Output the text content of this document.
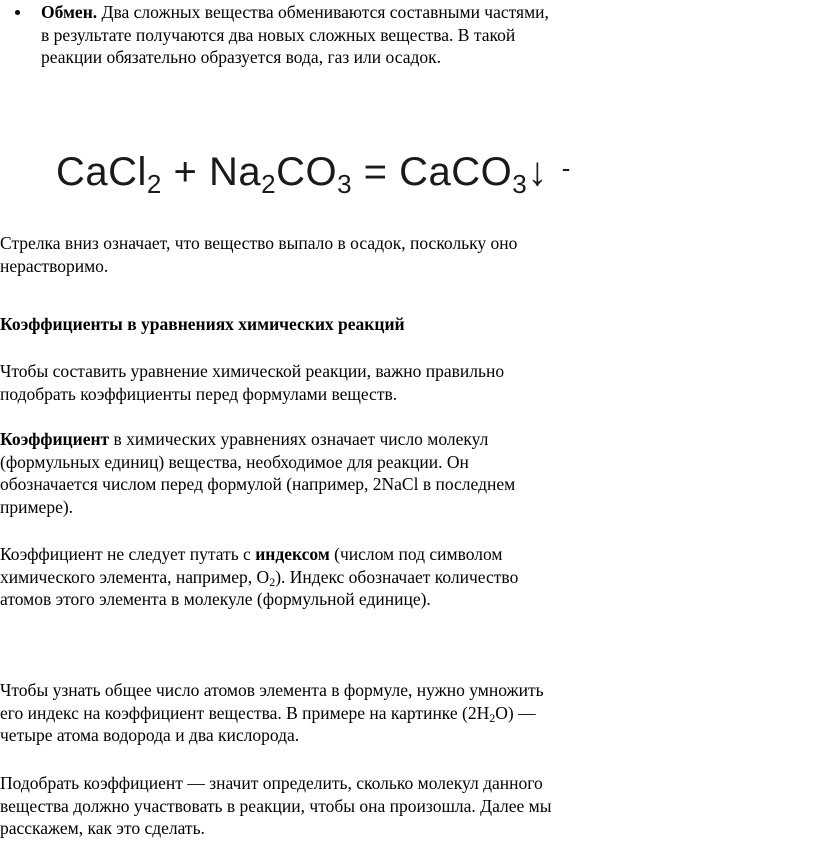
Обмен. Два сложных вещества обмениваются составными частями, в результате получаются два новых сложных вещества. В такой реакции обязательно образуется вода, газ или осадок.
CaCl$_2$ + $Na_2CO_3$ = CaCO$_3$↓ -

Стрелка вниз означает, что вещество выпало в осадок, поскольку оно нерастворимо.

Коэффициенты в уравнениях химических реакций

Чтобы составить уравнение химической реакции, важно правильно подобрать коэффициенты перед формулами веществ.

Коэффициент в химических уравнениях означает число молекул (формульных единиц) вещества, необходимое для реакции. Он обозначается числом перед формулой (например, 2NaCl в последнем примере).

Коэффициент не следует путать с индексом (числом под символом химического элемента, например, O2). Индекс обозначает количество атомов этого элемента в молекуле (формульной единице).

Чтобы узнать общее число атомов элемента в формуле, нужно умножить его индекс на коэффициент вещества. В примере на картинке (2H2O) — четыре атома водорода и два кислорода.

Подобрать коэффициент — значит определить, сколько молекул данного вещества должно участвовать в реакции, чтобы она произошла. Далее мы расскажем, как это сделать.
